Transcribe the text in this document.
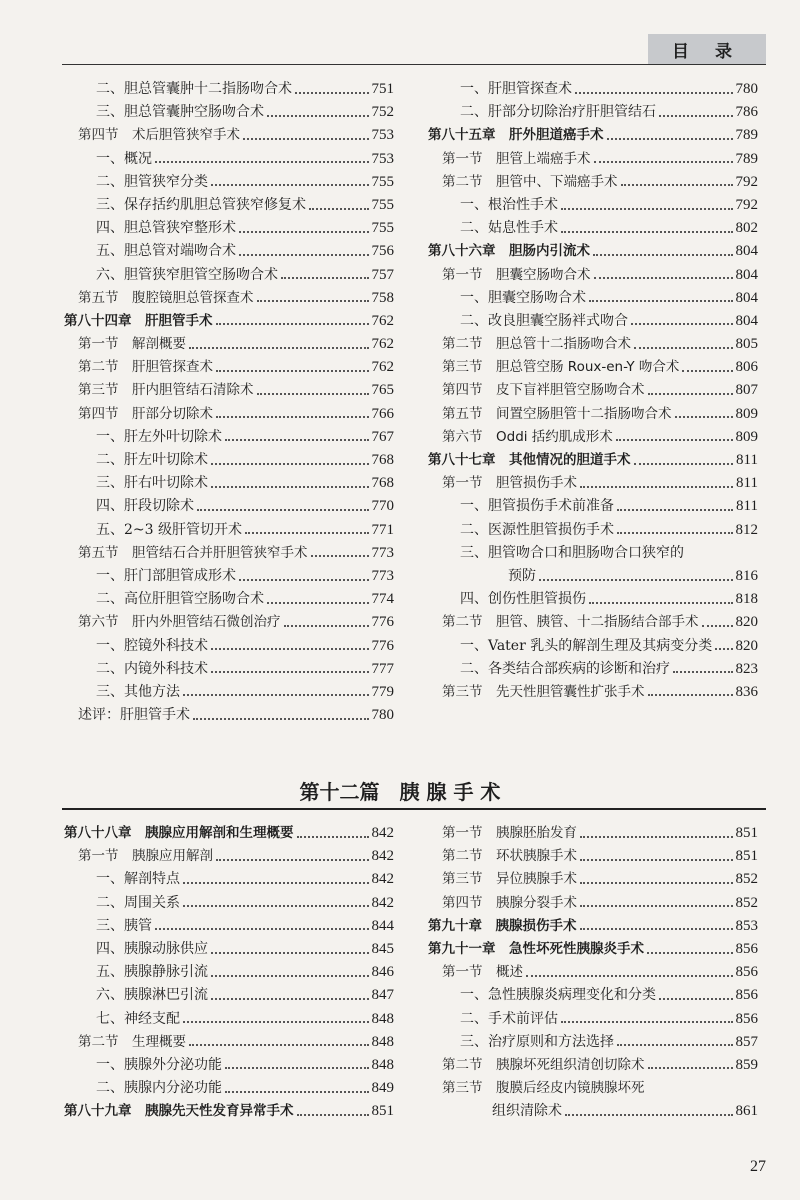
目 录
二、胆总管囊肿十二指肠吻合术	751
三、胆总管囊肿空肠吻合术	752
第四节　术后胆管狭窄手术	753
一、概况	753
二、胆管狭窄分类	755
三、保存括约肌胆总管狭窄修复术	755
四、胆总管狭窄整形术	755
五、胆总管对端吻合术	756
六、胆管狭窄胆管空肠吻合术	757
第五节　腹腔镜胆总管探查术	758
第八十四章　肝胆管手术	762
第一节　解剖概要	762
第二节　肝胆管探查术	762
第三节　肝内胆管结石清除术	765
第四节　肝部分切除术	766
一、肝左外叶切除术	767
二、肝左叶切除术	768
三、肝右叶切除术	768
四、肝段切除术	770
五、2~3 级肝管切开术	771
第五节　胆管结石合并肝胆管狭窄手术	773
一、肝门部胆管成形术	773
二、高位肝胆管空肠吻合术	774
第六节　肝内外胆管结石微创治疗	776
一、腔镜外科技术	776
二、内镜外科技术	777
三、其他方法	779
述评：肝胆管手术	780
一、肝胆管探查术	780
二、肝部分切除治疗肝胆管结石	786
第八十五章　肝外胆道癌手术	789
第一节　胆管上端癌手术	789
第二节　胆管中、下端癌手术	792
一、根治性手术	792
二、姑息性手术	802
第八十六章　胆肠内引流术	804
第一节　胆囊空肠吻合术	804
一、胆囊空肠吻合术	804
二、改良胆囊空肠袢式吻合	804
第二节　胆总管十二指肠吻合术	805
第三节　胆总管空肠 Roux-en-Y 吻合术	806
第四节　皮下盲袢胆管空肠吻合术	807
第五节　间置空肠胆管十二指肠吻合术	809
第六节　Oddi 括约肌成形术	809
第八十七章　其他情况的胆道手术	811
第一节　胆管损伤手术	811
一、胆管损伤手术前准备	811
二、医源性胆管损伤手术	812
三、胆管吻合口和胆肠吻合口狭窄的
预防	816
四、创伤性胆管损伤	818
第二节　胆管、胰管、十二指肠结合部手术 820
一、Vater 乳头的解剖生理及其病变分类 820
二、各类结合部疾病的诊断和治疗	823
第三节　先天性胆管囊性扩张手术	836
第十二篇　胰 腺 手 术
第八十八章　胰腺应用解剖和生理概要	842
第一节　胰腺应用解剖	842
一、解剖特点	842
二、周围关系	842
三、胰管	844
四、胰腺动脉供应	845
五、胰腺静脉引流	846
六、胰腺淋巴引流	847
七、神经支配	848
第二节　生理概要	848
一、胰腺外分泌功能	848
二、胰腺内分泌功能	849
第八十九章　胰腺先天性发育异常手术	851
第一节　胰腺胚胎发育	851
第二节　环状胰腺手术	851
第三节　异位胰腺手术	852
第四节　胰腺分裂手术	852
第九十章　胰腺损伤手术	853
第九十一章　急性坏死性胰腺炎手术	856
第一节　概述	856
一、急性胰腺炎病理变化和分类	856
二、手术前评估	856
三、治疗原则和方法选择	857
第二节　胰腺坏死组织清创切除术	859
第三节　腹膜后经皮内镜胰腺坏死
组织清除术	861
27
